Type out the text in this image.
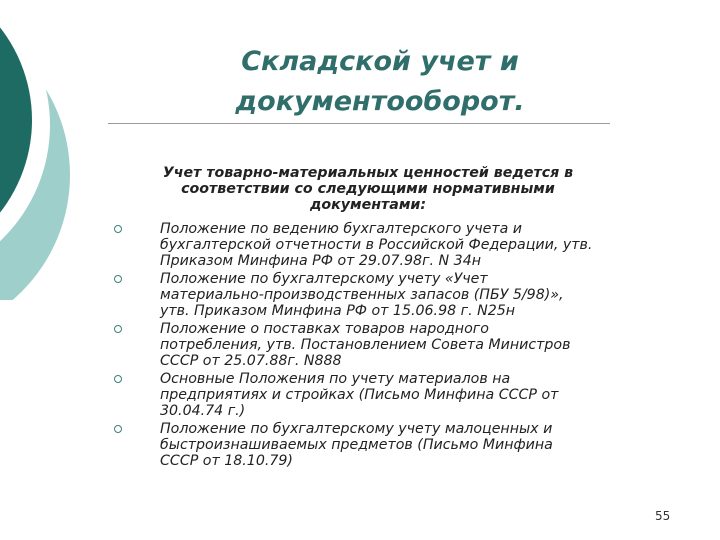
Складской учет и
документооборот.

Учет товарно-материальных ценностей ведется в
соответствии со следующими нормативными
документами:

Положение по ведению бухгалтерского учета и
бухгалтерской отчетности в Российской Федерации, утв.
Приказом Минфина РФ от 29.07.98г. N 34н
Положение по бухгалтерскому учету «Учет
материально-производственных запасов (ПБУ 5/98)»,
утв. Приказом Минфина РФ от 15.06.98 г. N25н
Положение о поставках товаров народного
потребления, утв. Постановлением Совета Министров
СССР от 25.07.88г. N888
Основные Положения по учету материалов на
предприятиях и стройках (Письмо Минфина СССР от
30.04.74 г.)
Положение по бухгалтерскому учету малоценных и
быстроизнашиваемых предметов (Письмо Минфина
СССР от 18.10.79)
55
